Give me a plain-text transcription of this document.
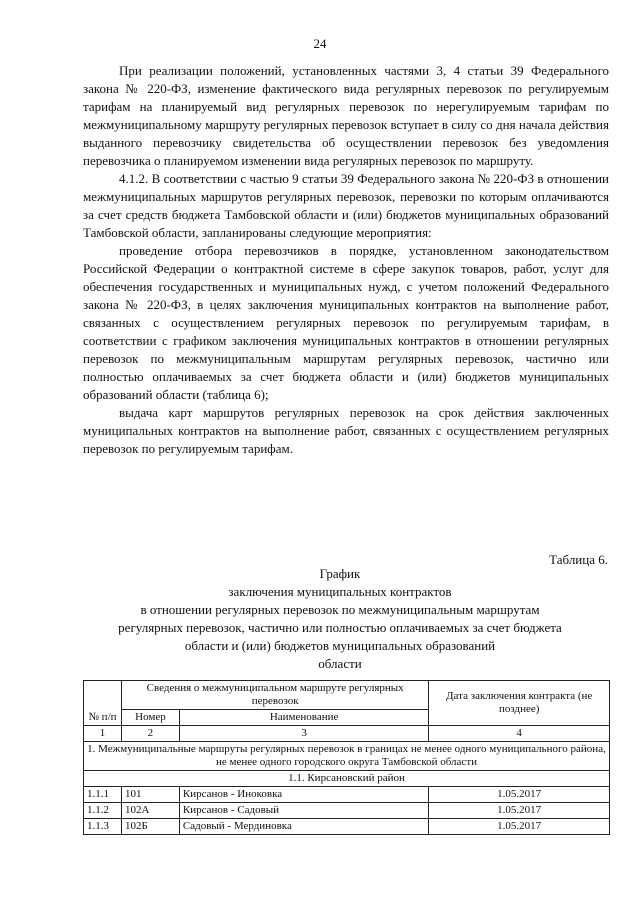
24

При реализации положений, установленных частями 3, 4 статьи 39 Федерального закона № 220-ФЗ, изменение фактического вида регулярных перевозок по регулируемым тарифам на планируемый вид регулярных перевозок по нерегулируемым тарифам по межмуниципальному маршруту регулярных перевозок вступает в силу со дня начала действия выданного перевозчику свидетельства об осуществлении перевозок без уведомления перевозчика о планируемом изменении вида регулярных перевозок по маршруту.

4.1.2. В соответствии с частью 9 статьи 39 Федерального закона № 220-ФЗ в отношении межмуниципальных маршрутов регулярных перевозок, перевозки по которым оплачиваются за счет средств бюджета Тамбовской области и (или) бюджетов муниципальных образований Тамбовской области, запланированы следующие мероприятия:

проведение отбора перевозчиков в порядке, установленном законодательством Российской Федерации о контрактной системе в сфере закупок товаров, работ, услуг для обеспечения государственных и муниципальных нужд, с учетом положений Федерального закона № 220-ФЗ, в целях заключения муниципальных контрактов на выполнение работ, связанных с осуществлением регулярных перевозок по регулируемым тарифам, в соответствии с графиком заключения муниципальных контрактов в отношении регулярных перевозок по межмуниципальным маршрутам регулярных перевозок, частично или полностью оплачиваемых за счет бюджета области и (или) бюджетов муниципальных образований области (таблица 6);

выдача карт маршрутов регулярных перевозок на срок действия заключенных муниципальных контрактов на выполнение работ, связанных с осуществлением регулярных перевозок по регулируемым тарифам.

Таблица 6.
График
заключения муниципальных контрактов
в отношении регулярных перевозок по межмуниципальным маршрутам
регулярных перевозок, частично или полностью оплачиваемых за счет бюджета
области и (или) бюджетов муниципальных образований
области
№ п/п	Сведения о межмуниципальном маршруте регулярных перевозок		Дата заключения контракта (не позднее)
	Номер	Наименование	
1	2	3	4
1. Межмуниципальные маршруты регулярных перевозок в границах не менее одного муниципального района, не менее одного городского округа Тамбовской области			
1.1. Кирсановский район			
1.1.1	101	Кирсанов - Иноковка	1.05.2017
1.1.2	102А	Кирсанов - Садовый	1.05.2017
1.1.3	102Б	Садовый - Мердиновка	1.05.2017
